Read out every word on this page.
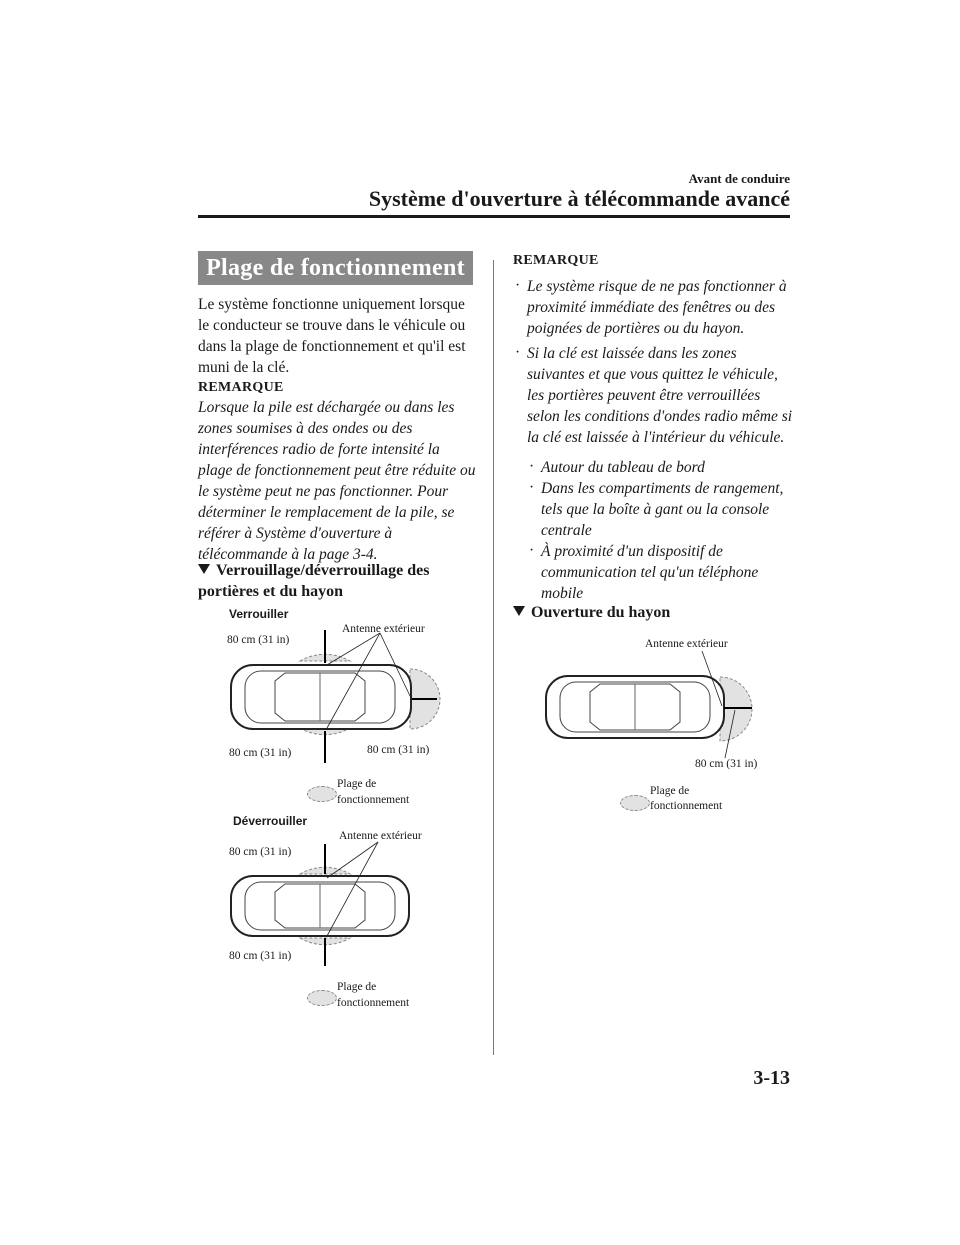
Avant de conduire
Système d'ouverture à télécommande avancé
Plage de fonctionnement
Le système fonctionne uniquement lorsque le conducteur se trouve dans le véhicule ou dans la plage de fonctionnement et qu'il est muni de la clé.
REMARQUE
Lorsque la pile est déchargée ou dans les zones soumises à des ondes ou des interférences radio de forte intensité la plage de fonctionnement peut être réduite ou le système peut ne pas fonctionner. Pour déterminer le remplacement de la pile, se référer à Système d'ouverture à télécommande à la page 3-4.
Verrouillage/déverrouillage des portières et du hayon
Verrouiller
Antenne extérieur
80 cm (31 in)
80 cm (31 in)	80 cm (31 in)
Plage de
fonctionnement
Déverrouiller
Antenne extérieur
80 cm (31 in)
80 cm (31 in)
Plage de
fonctionnement
REMARQUE
· Le système risque de ne pas fonctionner à proximité immédiate des fenêtres ou des poignées de portières ou du hayon.
· Si la clé est laissée dans les zones suivantes et que vous quittez le véhicule, les portières peuvent être verrouillées selon les conditions d'ondes radio même si la clé est laissée à l'intérieur du véhicule.
· Autour du tableau de bord
· Dans les compartiments de rangement, tels que la boîte à gant ou la console centrale
· À proximité d'un dispositif de communication tel qu'un téléphone mobile
Ouverture du hayon
Antenne extérieur
80 cm (31 in)
Plage de
fonctionnement
3-13
